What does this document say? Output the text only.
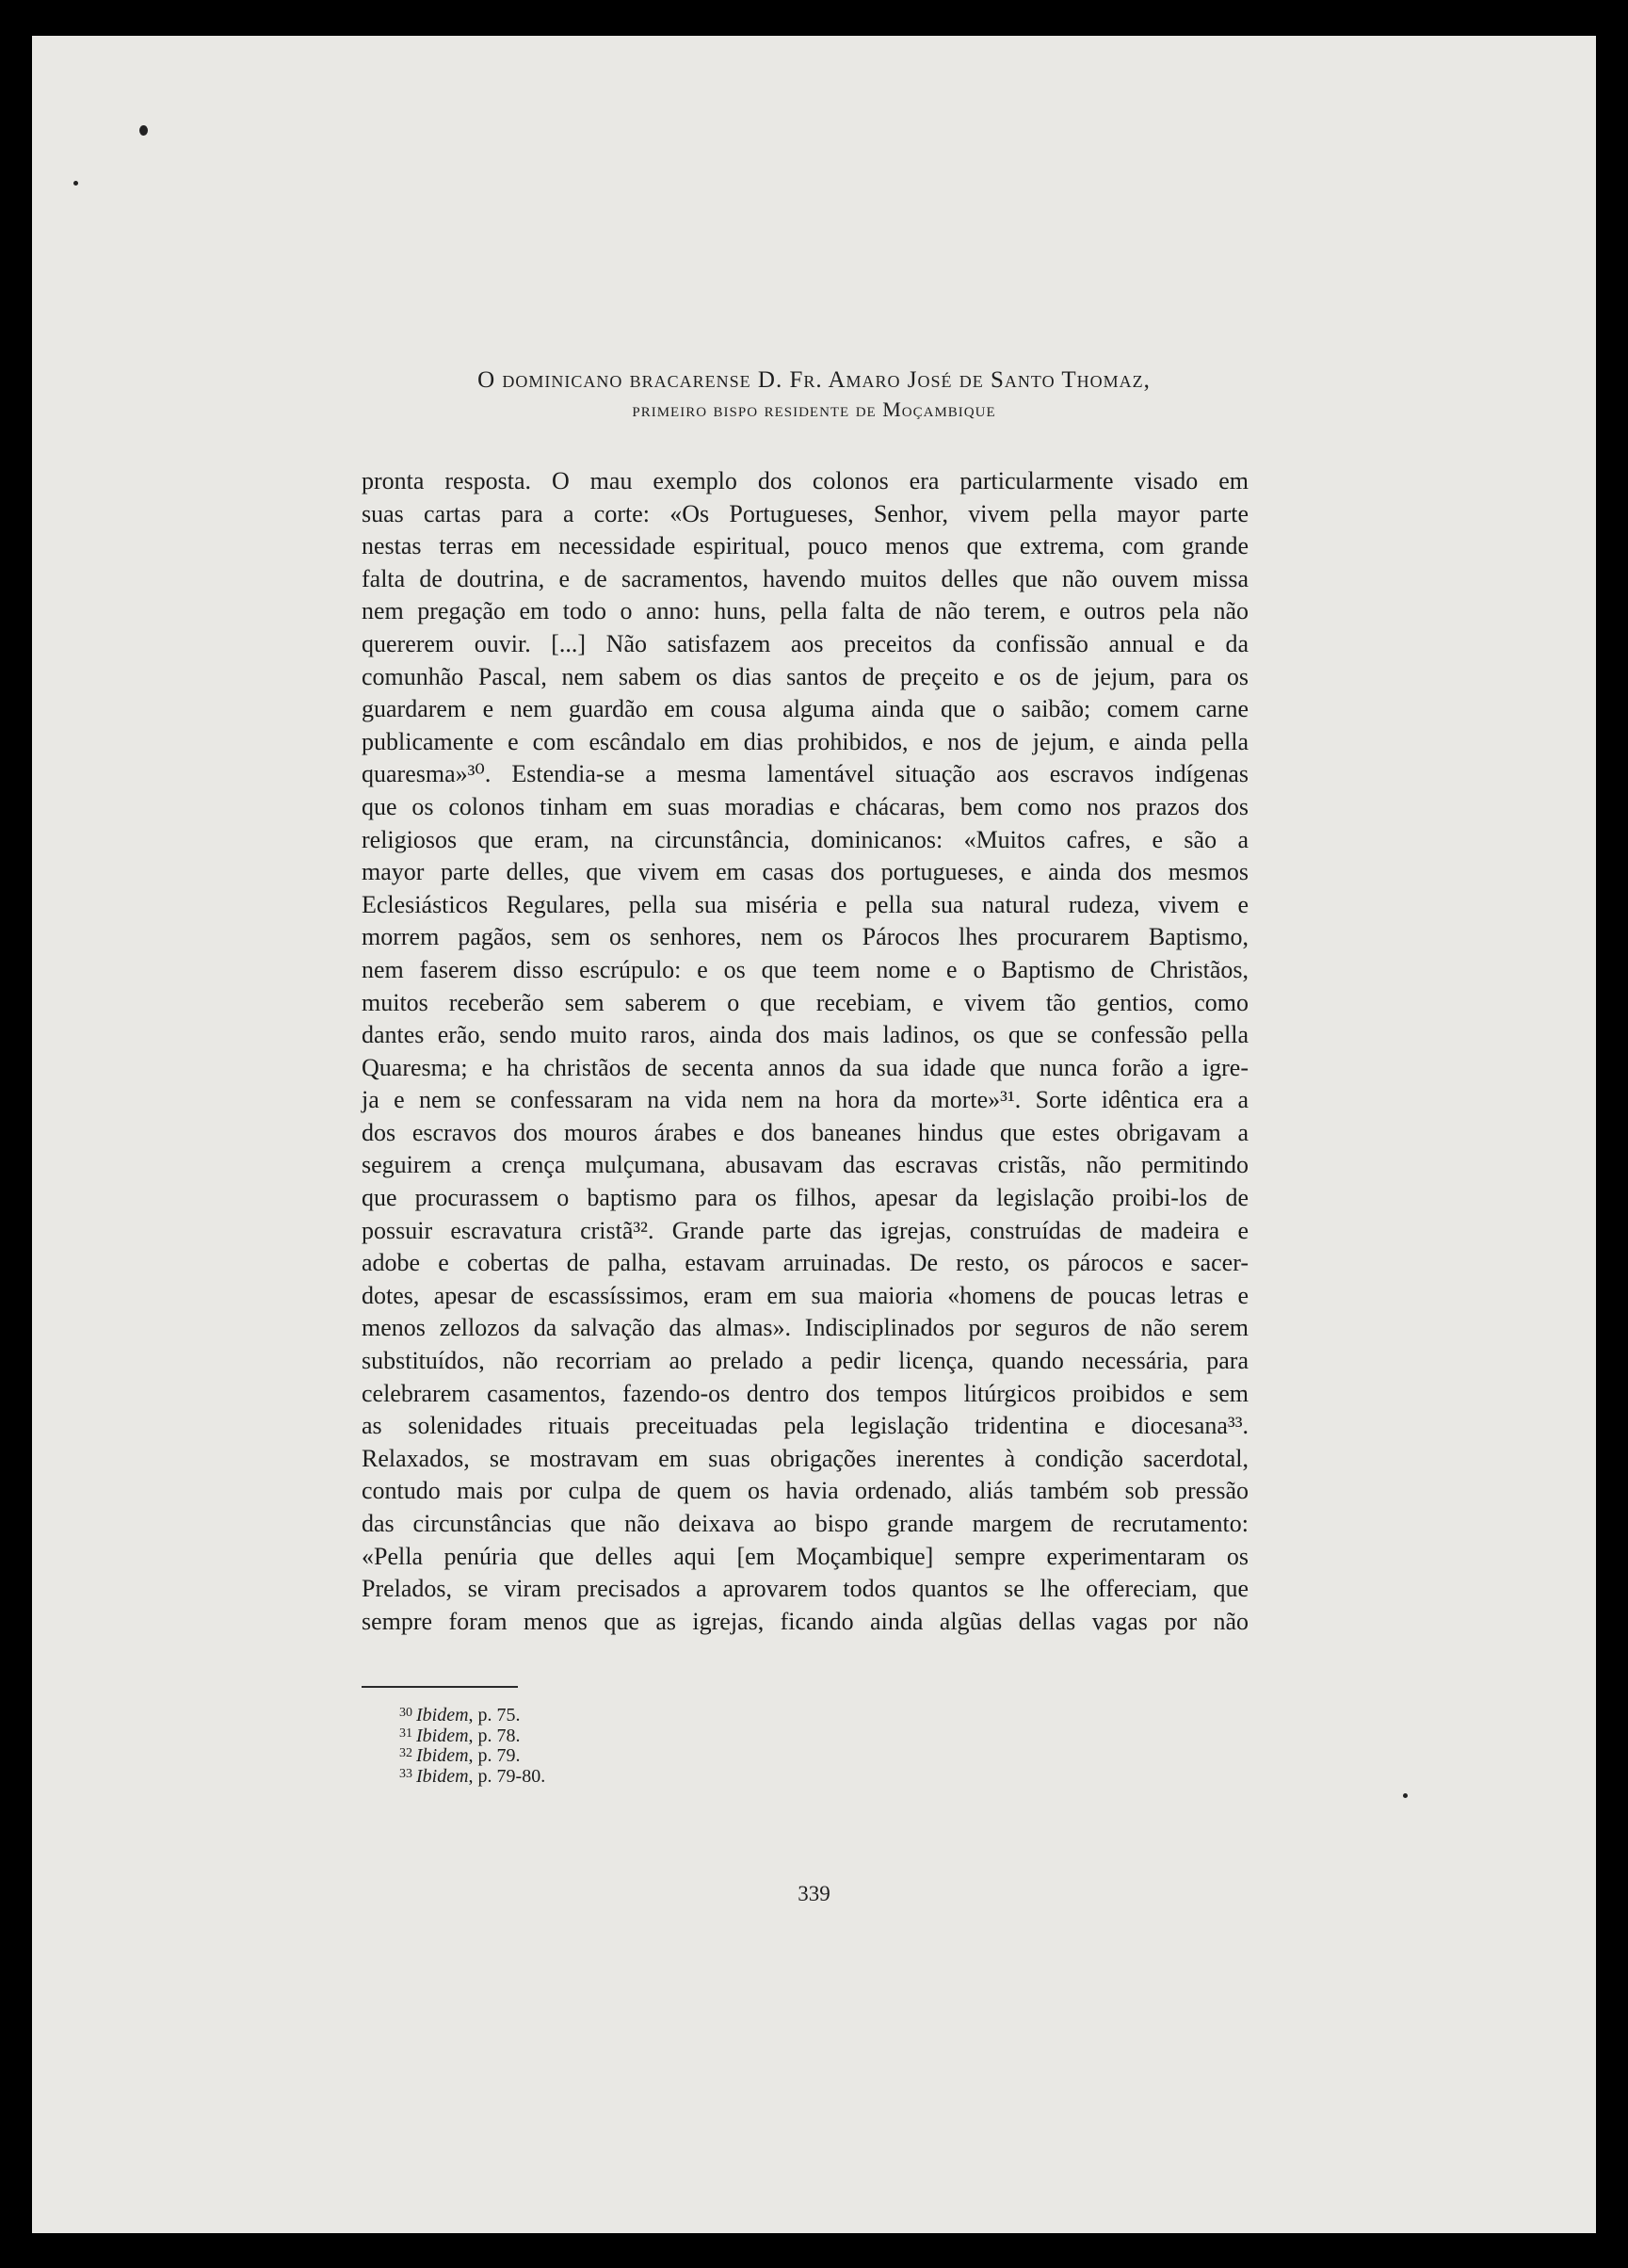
O dominicano bracarense D. Fr. Amaro José de Santo Thomaz,
primeiro bispo residente de Moçambique
pronta resposta. O mau exemplo dos colonos era particularmente visado em
suas cartas para a corte: «Os Portugueses, Senhor, vivem pella mayor parte
nestas terras em necessidade espiritual, pouco menos que extrema, com grande
falta de doutrina, e de sacramentos, havendo muitos delles que não ouvem missa
nem pregação em todo o anno: huns, pella falta de não terem, e outros pela não
quererem ouvir. [...] Não satisfazem aos preceitos da confissão annual e da
comunhão Pascal, nem sabem os dias santos de preçeito e os de jejum, para os
guardarem e nem guardão em cousa alguma ainda que o saibão; comem carne
publicamente e com escândalo em dias prohibidos, e nos de jejum, e ainda pella
quaresma»³⁰. Estendia-se a mesma lamentável situação aos escravos indígenas
que os colonos tinham em suas moradias e chácaras, bem como nos prazos dos
religiosos que eram, na circunstância, dominicanos: «Muitos cafres, e são a
mayor parte delles, que vivem em casas dos portugueses, e ainda dos mesmos
Eclesiásticos Regulares, pella sua miséria e pella sua natural rudeza, vivem e
morrem pagãos, sem os senhores, nem os Párocos lhes procurarem Baptismo,
nem faserem disso escrúpulo: e os que teem nome e o Baptismo de Christãos,
muitos receberão sem saberem o que recebiam, e vivem tão gentios, como
dantes erão, sendo muito raros, ainda dos mais ladinos, os que se confessão pella
Quaresma; e ha christãos de secenta annos da sua idade que nunca forão a igre-
ja e nem se confessaram na vida nem na hora da morte»³¹. Sorte idêntica era a
dos escravos dos mouros árabes e dos baneanes hindus que estes obrigavam a
seguirem a crença mulçumana, abusavam das escravas cristãs, não permitindo
que procurassem o baptismo para os filhos, apesar da legislação proibi-los de
possuir escravatura cristã³². Grande parte das igrejas, construídas de madeira e
adobe e cobertas de palha, estavam arruinadas. De resto, os párocos e sacer-
dotes, apesar de escassíssimos, eram em sua maioria «homens de poucas letras e
menos zellozos da salvação das almas». Indisciplinados por seguros de não serem
substituídos, não recorriam ao prelado a pedir licença, quando necessária, para
celebrarem casamentos, fazendo-os dentro dos tempos litúrgicos proibidos e sem
as solenidades rituais preceituadas pela legislação tridentina e diocesana³³.
Relaxados, se mostravam em suas obrigações inerentes à condição sacerdotal,
contudo mais por culpa de quem os havia ordenado, aliás também sob pressão
das circunstâncias que não deixava ao bispo grande margem de recrutamento:
«Pella penúria que delles aqui [em Moçambique] sempre experimentaram os
Prelados, se viram precisados a aprovarem todos quantos se lhe offereciam, que
sempre foram menos que as igrejas, ficando ainda algũas dellas vagas por não
$^{30}$ Ibidem, p. 75.
$^{31}$ Ibidem, p. 78.
$^{32}$ Ibidem, p. 79.
$^{33}$ Ibidem, p. 79-80.
339
